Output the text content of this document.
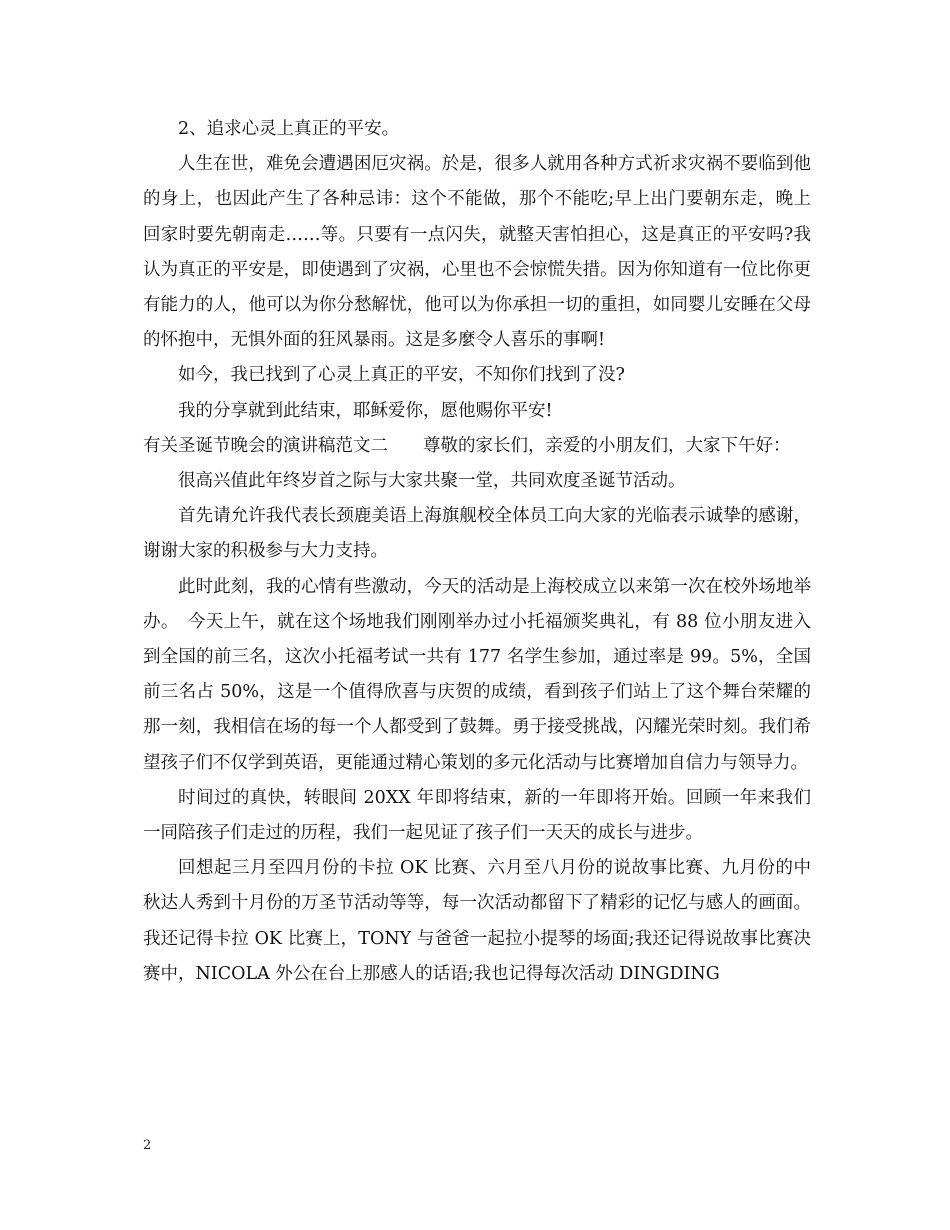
2、追求心灵上真正的平安。

人生在世，难免会遭遇困厄灾祸。於是，很多人就用各种方式祈求灾祸不要临到他的身上，也因此产生了各种忌讳：这个不能做，那个不能吃;早上出门要朝东走，晚上回家时要先朝南走……等。只要有一点闪失，就整天害怕担心，这是真正的平安吗?我认为真正的平安是，即使遇到了灾祸，心里也不会惊慌失措。因为你知道有一位比你更有能力的人，他可以为你分愁解忧，他可以为你承担一切的重担，如同婴儿安睡在父母的怀抱中，无惧外面的狂风暴雨。这是多麼令人喜乐的事啊!

如今，我已找到了心灵上真正的平安，不知你们找到了没?

我的分享就到此结束，耶稣爱你，愿他赐你平安!

有关圣诞节晚会的演讲稿范文二　　尊敬的家长们，亲爱的小朋友们，大家下午好：

很高兴值此年终岁首之际与大家共聚一堂，共同欢度圣诞节活动。

首先请允许我代表长颈鹿美语上海旗舰校全体员工向大家的光临表示诚挚的感谢，谢谢大家的积极参与大力支持。

此时此刻，我的心情有些激动，今天的活动是上海校成立以来第一次在校外场地举办。　今天上午，就在这个场地我们刚刚举办过小托福颁奖典礼，有 88 位小朋友进入到全国的前三名，这次小托福考试一共有 177 名学生参加，通过率是 99。5%，全国前三名占 50%，这是一个值得欣喜与庆贺的成绩，看到孩子们站上了这个舞台荣耀的那一刻，我相信在场的每一个人都受到了鼓舞。勇于接受挑战，闪耀光荣时刻。我们希望孩子们不仅学到英语，更能通过精心策划的多元化活动与比赛增加自信力与领导力。

时间过的真快，转眼间 20XX 年即将结束，新的一年即将开始。回顾一年来我们一同陪孩子们走过的历程，我们一起见证了孩子们一天天的成长与进步。

回想起三月至四月份的卡拉 OK 比赛、六月至八月份的说故事比赛、九月份的中秋达人秀到十月份的万圣节活动等等，每一次活动都留下了精彩的记忆与感人的画面。我还记得卡拉 OK 比赛上，TONY 与爸爸一起拉小提琴的场面;我还记得说故事比赛决赛中，NICOLA 外公在台上那感人的话语;我也记得每次活动 DINGDING

2
